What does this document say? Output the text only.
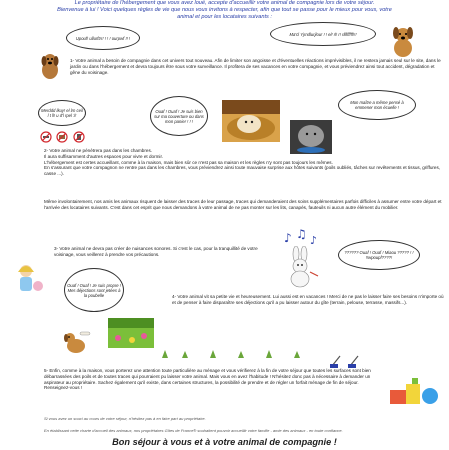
Le propriétaire de l'hébergement que vous avez loué, accepte d'accueillir votre animal de compagnie lors de votre séjour.
Bienvenue à lui ! Voici quelques règles de vie que nous vous invitons à respecter, afin que tout se passe pour le mieux pour vous, votre
animal et pour les locataires suivants :
Upouf! ullurftrr! ! ! ! ourpwf !! !
Ma'cl Yjrndlurjlou! ! ! el! rl! r! rllllfffff!!!
1- Votre animal a besoin de compagnie dans cet univers tout nouveau. Afin de limiter son angoisse et d'éventuelles réactions imprévisibles, il ne restera jamais seul sur le site, dans le jardin ou dans l'hébergement et devra toujours être sous votre surveillance. Il profitera de ses vacances en votre compagnie, et vous préviendrez ainsi tout accident, dégradation et gêne du voisinage.
Merddd lkuy! el lrn ceil l t ll! u d'l rpel :l!

Ouaf ! Ouaf ! Je suis bien sur ma couverture ou dans mon panier ! ! !
Mon maître a même pensé à emmener mon écuelle !
2- Votre animal ne pénètrera pas dans les chambres.
Il aura suffisamment d'autres espaces pour vivre et dormir.
L'hébergement est certes accueillant, comme à la maison, mais bien sûr ce n'est pas sa maison et les règles n'y sont pas toujours les mêmes.
En s'assurant que votre compagnon ne rentre pas dans les chambres, vous préviendrez ainsi toute mauvaise surprise aux hôtes suivants (poils oubliés, tâches sur revêtements et tissus, griffures, casse ...).
Même involontairement, nos amis les animaux risquent de laisser des traces de leur passage, traces qui demanderaient des soins supplémentaires parfois difficiles à assumer entre votre départ et l'arrivée des locataires suivants. C'est dans cet esprit que nous demandons à votre animal de ne pas monter sur les lits, canapés, fauteuils ni aucun autre élément du mobilier.
3- Votre animal ne devra pas créer de nuisances sonores. Si c'est le cas, pour la tranquillité de votre voisinage, vous veillerez à prendre vos précautions.
♪ ♫ ♪
?????? Ouaf ! Ouaf ! Miaou ????? ! ! !!wpoupf????!
Ouaf ! Ouaf ! Je suis propre ! Mes déjections sont jetées à la poubelle	4- Votre animal vit sa petite vie et heureusement. Lui aussi est en vacances ! Merci de ne pas le laisser faire ses besoins n'importe où et de penser à faire disparaître ses déjections qu'il a pu laisser autour du gîte (terrain, pelouse, terrasse, massifs...).
5- Enfin, comme à la maison, vous porterez une attention toute particulière au ménage et vous vérifierez à la fin de votre séjour que toutes les surfaces sont bien débarrassées des poils et de toutes traces qui pourraient pu laisser votre animal. Mais vous en avez l'habitude ! N'hésitez donc pas à nécessaire à demander un aspirateur au propriétaire. Sachez également qu'il existe, dans certaines structures, la possibilité de prendre et de régler un forfait ménage de fin de séjour. Renseignez-vous !
Si vous avez un souci au cours de votre séjour, n'hésitez pas à en faire part au propriétaire.
En établissant cette charte d'accueil des animaux, nos propriétaires Gîtes de France® souhaitent pouvoir accueillir votre famille - amie des animaux - en toute confiance.
Bon séjour à vous et à votre animal de compagnie !
